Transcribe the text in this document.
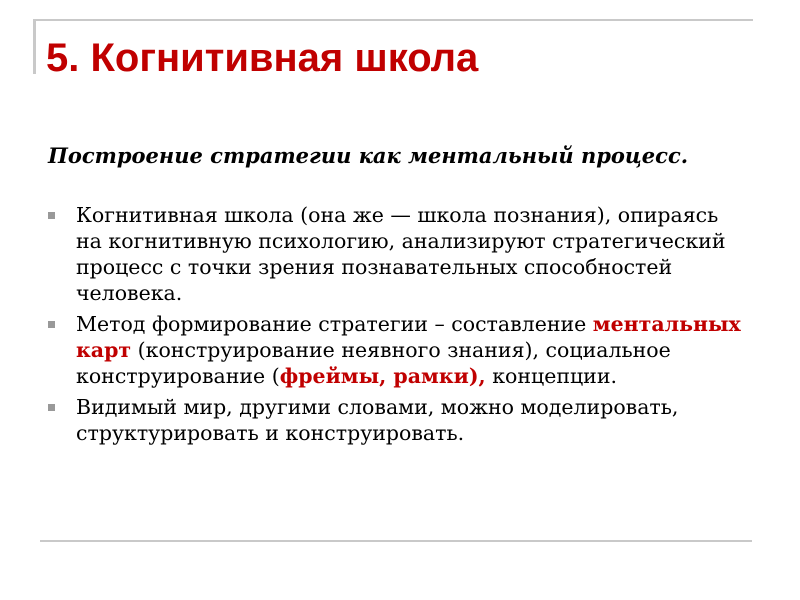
5. Когнитивная школа

Построение стратегии как ментальный процесс.

Когнитивная школа (она же — школа познания), опираясь на когнитивную психологию, анализируют стратегический процесс с точки зрения познавательных способностей человека.
Метод формирование стратегии – составление ментальных карт (конструирование неявного знания), социальное конструирование (фреймы, рамки), концепции.
Видимый мир, другими словами, можно моделировать, структурировать и конструировать.
